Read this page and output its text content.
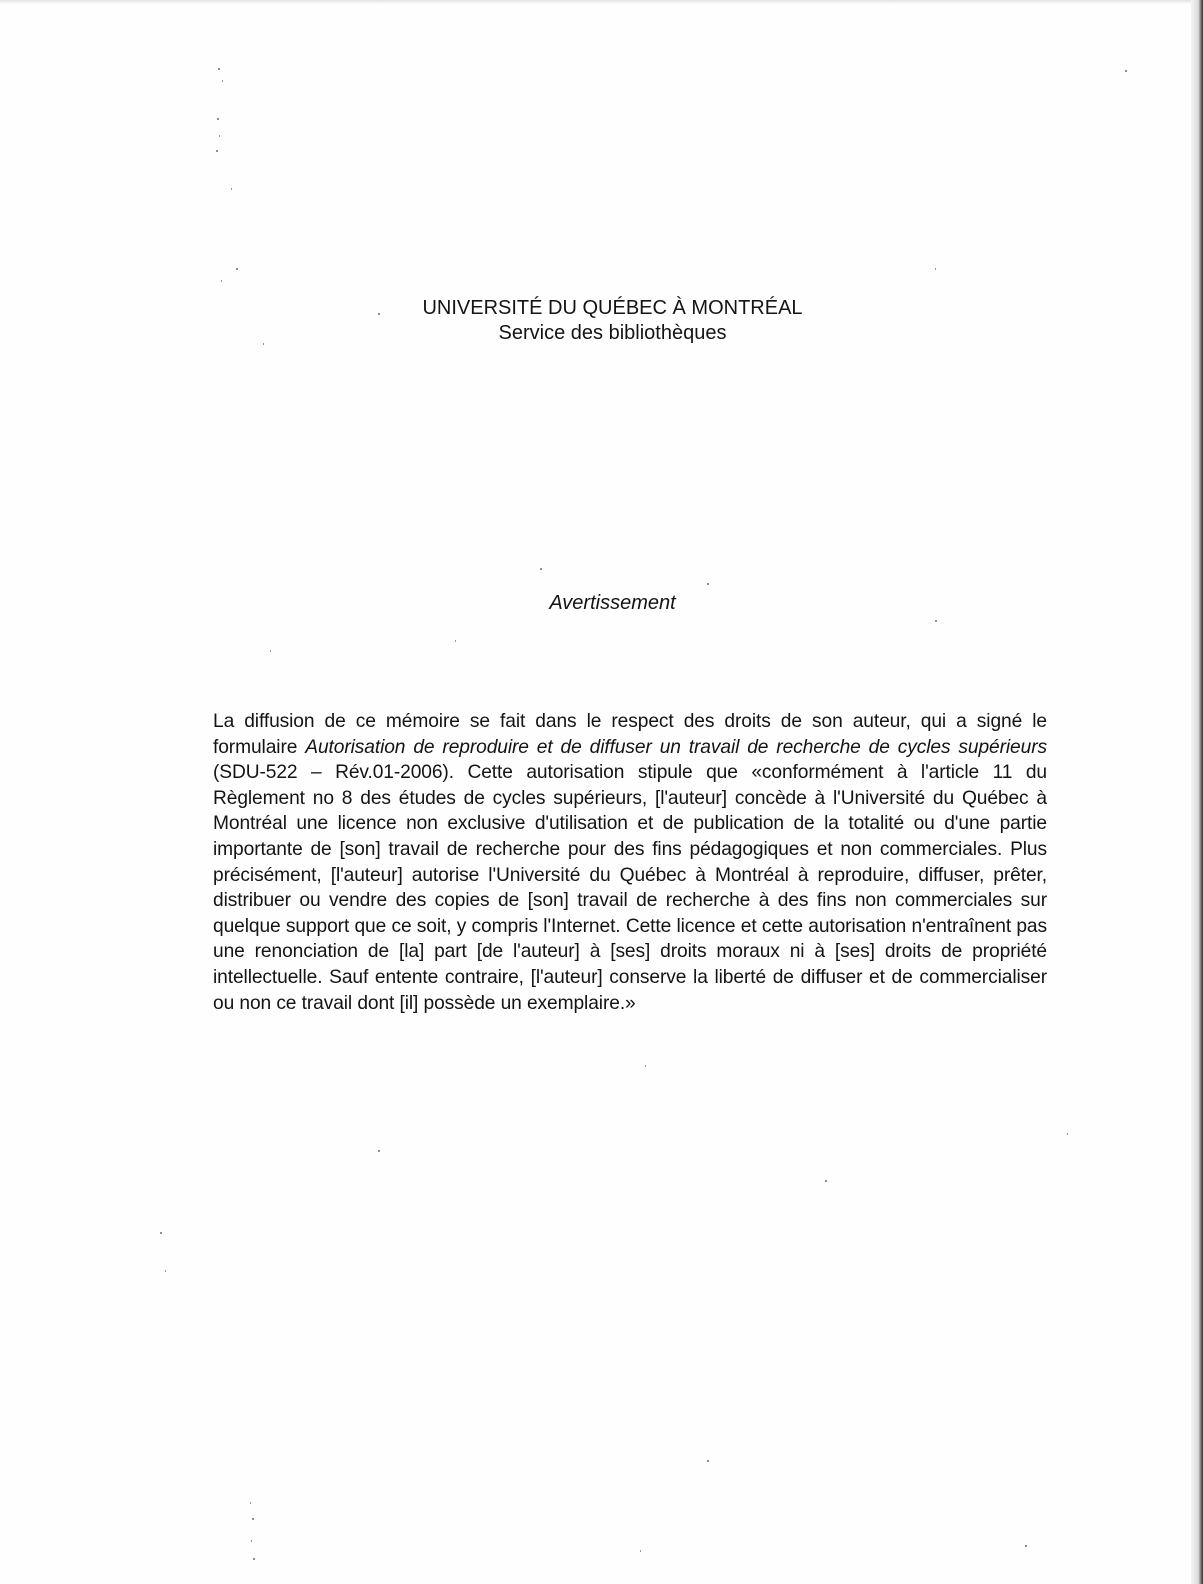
UNIVERSITÉ DU QUÉBEC À MONTRÉAL
Service des bibliothèques
Avertissement

La diffusion de ce mémoire se fait dans le respect des droits de son auteur, qui a signé le formulaire Autorisation de reproduire et de diffuser un travail de recherche de cycles supérieurs (SDU-522 – Rév.01-2006). Cette autorisation stipule que «conformément à l'article 11 du Règlement no 8 des études de cycles supérieurs, [l'auteur] concède à l'Université du Québec à Montréal une licence non exclusive d'utilisation et de publication de la totalité ou d'une partie importante de [son] travail de recherche pour des fins pédagogiques et non commerciales. Plus précisément, [l'auteur] autorise l'Université du Québec à Montréal à reproduire, diffuser, prêter, distribuer ou vendre des copies de [son] travail de recherche à des fins non commerciales sur quelque support que ce soit, y compris l'Internet. Cette licence et cette autorisation n'entraînent pas une renonciation de [la] part [de l'auteur] à [ses] droits moraux ni à [ses] droits de propriété intellectuelle. Sauf entente contraire, [l'auteur] conserve la liberté de diffuser et de commercialiser ou non ce travail dont [il] possède un exemplaire.»
